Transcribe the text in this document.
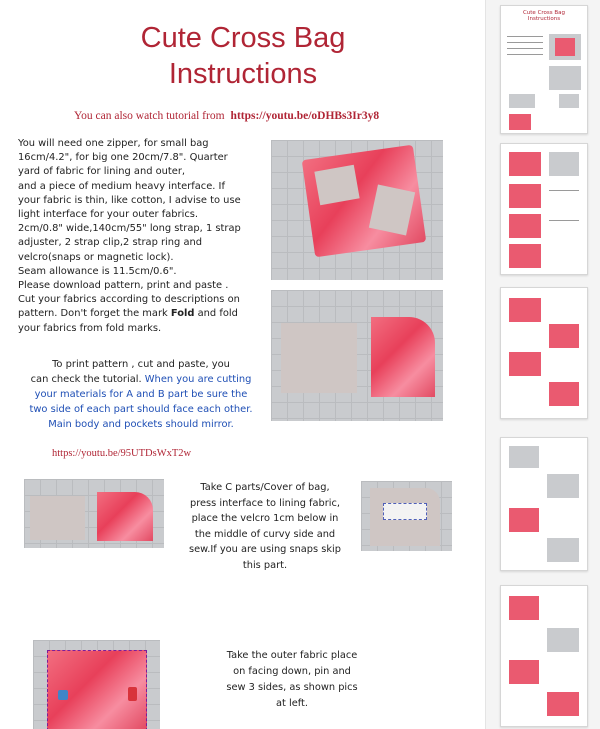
Cute Cross Bag
Instructions
You can also watch tutorial from https://youtu.be/oDHBs3Ir3y8
You will need one zipper, for small bag
16cm/4.2", for big one 20cm/7.8". Quarter
yard of fabric for lining and outer,
and a piece of medium heavy interface. If
your fabric is thin, like cotton, I advise to use
light interface for your outer fabrics.
2cm/0.8" wide,140cm/55" long strap, 1 strap
adjuster, 2 strap clip,2 strap ring and
velcro(snaps or magnetic lock).
Seam allowance is 11.5cm/0.6".
Please download pattern, print and paste .
Cut your fabrics according to descriptions on
pattern. Don't forget the mark Fold and fold
your fabrics from fold marks.
To print pattern , cut and paste, you
can check the tutorial. When you are cutting
your materials for A and B part be sure the
two side of each part should face each other.
Main body and pockets should mirror.
https://youtu.be/95UTDsWxT2w
Take C parts/Cover of bag,
press interface to lining fabric,
place the velcro 1cm below in
the middle of curvy side and
sew.If you are using snaps skip
this part.
Take the outer fabric place
on facing down, pin and
sew 3 sides, as shown pics
at left.
Cute Cross Bag
Instructions
